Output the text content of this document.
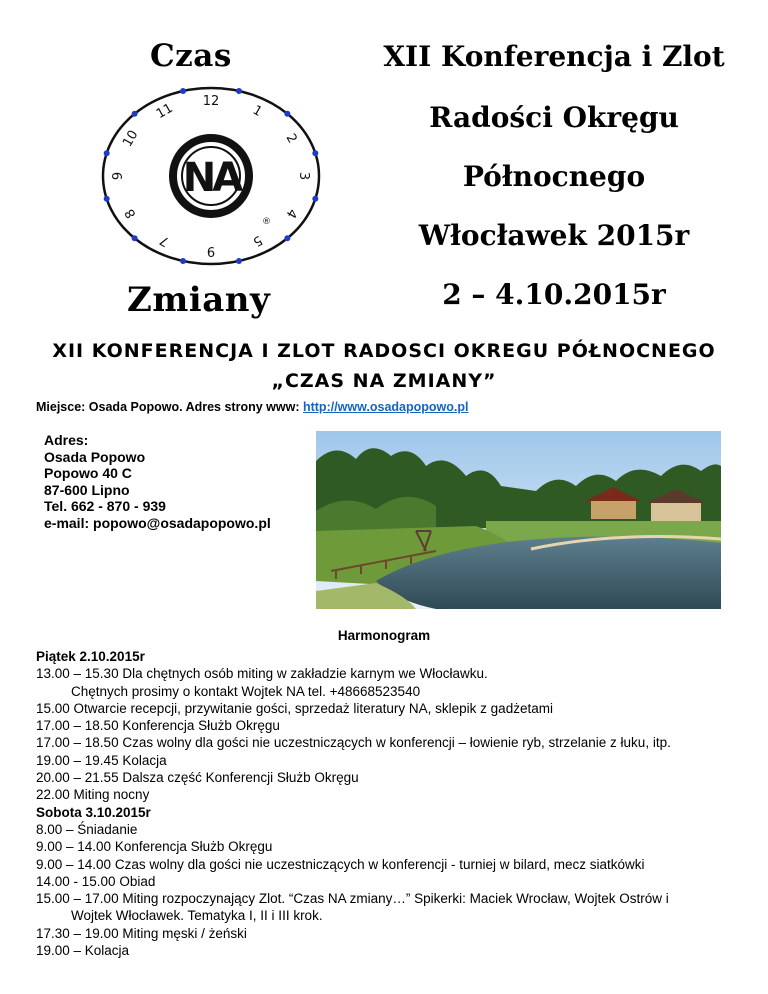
Czas
12
1
2
3
4
5
9
7
8
9
10
11
NA
®
Zmiany
XII Konferencja i Zlot
Radości Okręgu
Północnego
Włocławek 2015r
2 – 4.10.2015r
XII KONFERENCJA I ZLOT RADOSCI OKREGU PÓŁNOCNEGO
„CZAS NA ZMIANY”
Miejsce: Osada Popowo. Adres strony www: http://www.osadapopowo.pl
Adres:
Osada Popowo
Popowo 40 C
87-600 Lipno
Tel. 662 - 870 - 939
e-mail: popowo@osadapopowo.pl
Harmonogram
Piątek 2.10.2015r
13.00 – 15.30 Dla chętnych osób miting w zakładzie karnym we Włocławku.
Chętnych prosimy o kontakt Wojtek NA tel. +48668523540
15.00 Otwarcie recepcji, przywitanie gości, sprzedaż literatury NA, sklepik z gadżetami
17.00 – 18.50 Konferencja Służb Okręgu
17.00 – 18.50 Czas wolny dla gości nie uczestniczących w konferencji – łowienie ryb, strzelanie z łuku, itp.
19.00 – 19.45 Kolacja
20.00 – 21.55 Dalsza część Konferencji Służb Okręgu
22.00 Miting nocny
Sobota 3.10.2015r
8.00 – Śniadanie
9.00 – 14.00 Konferencja Służb Okręgu
9.00 – 14.00 Czas wolny dla gości nie uczestniczących w konferencji - turniej w bilard, mecz siatkówki
14.00 - 15.00 Obiad
15.00 – 17.00 Miting rozpoczynający Zlot. “Czas NA zmiany…” Spikerki: Maciek Wrocław, Wojtek Ostrów i
Wojtek Włocławek. Tematyka I, II i III krok.
17.30 – 19.00 Miting męski / żeński
19.00 – Kolacja
